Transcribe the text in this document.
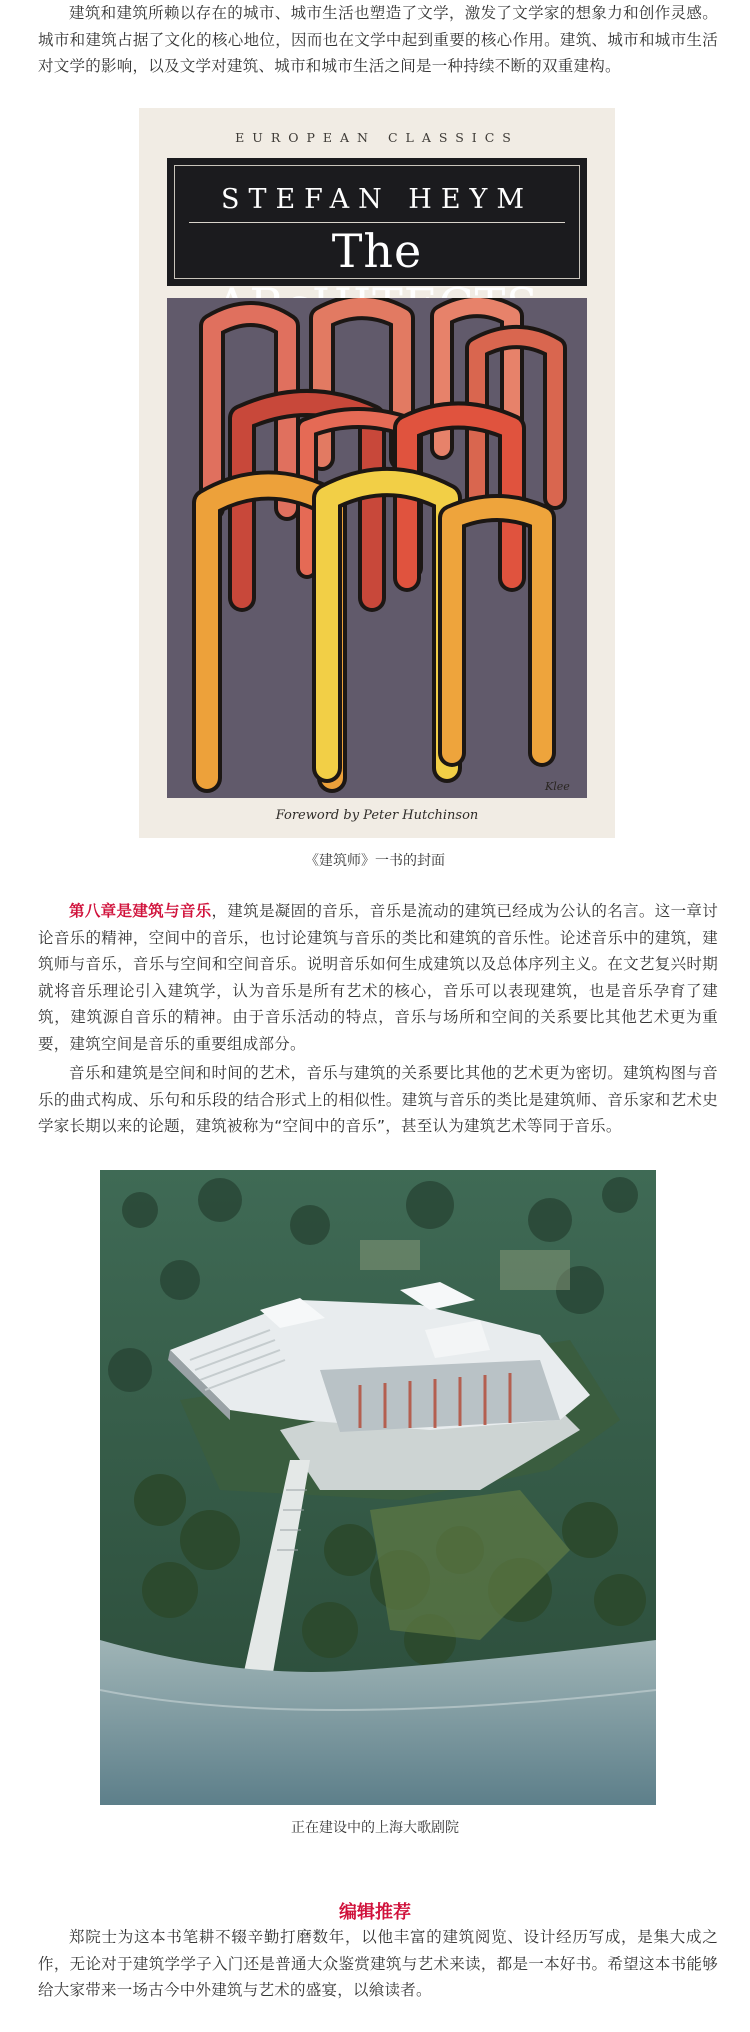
建筑和建筑所赖以存在的城市、城市生活也塑造了文学，激发了文学家的想象力和创作灵感。城市和建筑占据了文化的核心地位，因而也在文学中起到重要的核心作用。建筑、城市和城市生活对文学的影响，以及文学对建筑、城市和城市生活之间是一种持续不断的双重建构。

EUROPEAN CLASSICS
STEFAN HEYM
The
Klee
Foreword by Peter Hutchinson
《建筑师》一书的封面

第八章是建筑与音乐，建筑是凝固的音乐，音乐是流动的建筑已经成为公认的名言。这一章讨论音乐的精神，空间中的音乐，也讨论建筑与音乐的类比和建筑的音乐性。论述音乐中的建筑，建筑师与音乐，音乐与空间和空间音乐。说明音乐如何生成建筑以及总体序列主义。在文艺复兴时期就将音乐理论引入建筑学，认为音乐是所有艺术的核心，音乐可以表现建筑，也是音乐孕育了建筑，建筑源自音乐的精神。由于音乐活动的特点，音乐与场所和空间的关系要比其他艺术更为重要，建筑空间是音乐的重要组成部分。

音乐和建筑是空间和时间的艺术，音乐与建筑的关系要比其他的艺术更为密切。建筑构图与音乐的曲式构成、乐句和乐段的结合形式上的相似性。建筑与音乐的类比是建筑师、音乐家和艺术史学家长期以来的论题，建筑被称为“空间中的音乐”，甚至认为建筑艺术等同于音乐。

正在建设中的上海大歌剧院
编辑推荐

郑院士为这本书笔耕不辍辛勤打磨数年，以他丰富的建筑阅览、设计经历写成，是集大成之作，无论对于建筑学学子入门还是普通大众鉴赏建筑与艺术来读，都是一本好书。希望这本书能够给大家带来一场古今中外建筑与艺术的盛宴，以飨读者。
